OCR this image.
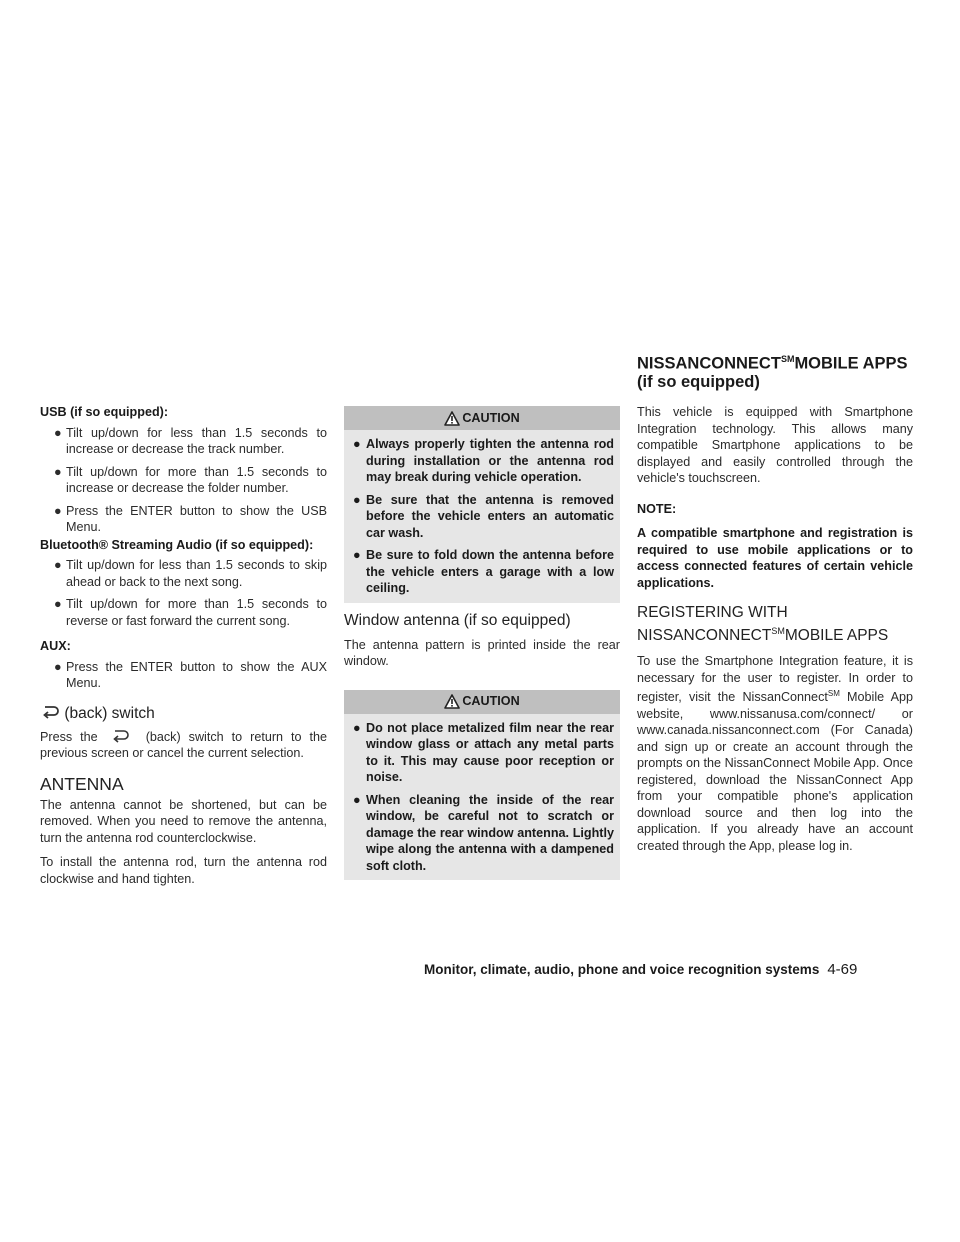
NISSANCONNECT℠MOBILE APPS
(if so equipped)

USB (if so equipped):

● Tilt up/down for less than 1.5 seconds to increase or decrease the track number.
● Tilt up/down for more than 1.5 seconds to increase or decrease the folder number.
● Press the ENTER button to show the USB Menu.

Bluetooth® Streaming Audio (if so equipped):

● Tilt up/down for less than 1.5 seconds to skip ahead or back to the next song.
● Tilt up/down for more than 1.5 seconds to reverse or fast forward the current song.

AUX:

● Press the ENTER button to show the AUX Menu.
(back) switch

Press the	(back) switch to return to the previous screen or cancel the current selection.

ANTENNA

The antenna cannot be shortened, but can be removed. When you need to remove the antenna, turn the antenna rod counterclockwise.

To install the antenna rod, turn the antenna rod clockwise and hand tighten.

CAUTION
● Always properly tighten the antenna rod during installation or the antenna rod may break during vehicle operation.
● Be sure that the antenna is removed before the vehicle enters an automatic car wash.
● Be sure to fold down the antenna before the vehicle enters a garage with a low ceiling.
Window antenna (if so equipped)

The antenna pattern is printed inside the rear window.

CAUTION
● Do not place metalized film near the rear window glass or attach any metal parts to it. This may cause poor reception or noise.
● When cleaning the inside of the rear window, be careful not to scratch or damage the rear window antenna. Lightly wipe along the antenna with a dampened soft cloth.

This vehicle is equipped with Smartphone Integration technology. This allows many compatible Smartphone applications to be displayed and easily controlled through the vehicle's touchscreen.

NOTE:

A compatible smartphone and registration is required to use mobile applications or to access connected features of certain vehicle applications.

REGISTERING WITH
NISSANCONNECT℠MOBILE APPS

To use the Smartphone Integration feature, it is necessary for the user to register. In order to register, visit the NissanConnect℠ Mobile App website, www.nissanusa.com/connect/ or www.canada.nissanconnect.com (For Canada) and sign up or create an account through the prompts on the NissanConnect Mobile App. Once registered, download the NissanConnect App from your compatible phone's application download source and then log into the application. If you already have an account created through the App, please log in.

Monitor, climate, audio, phone and voice recognition systems 4-69
